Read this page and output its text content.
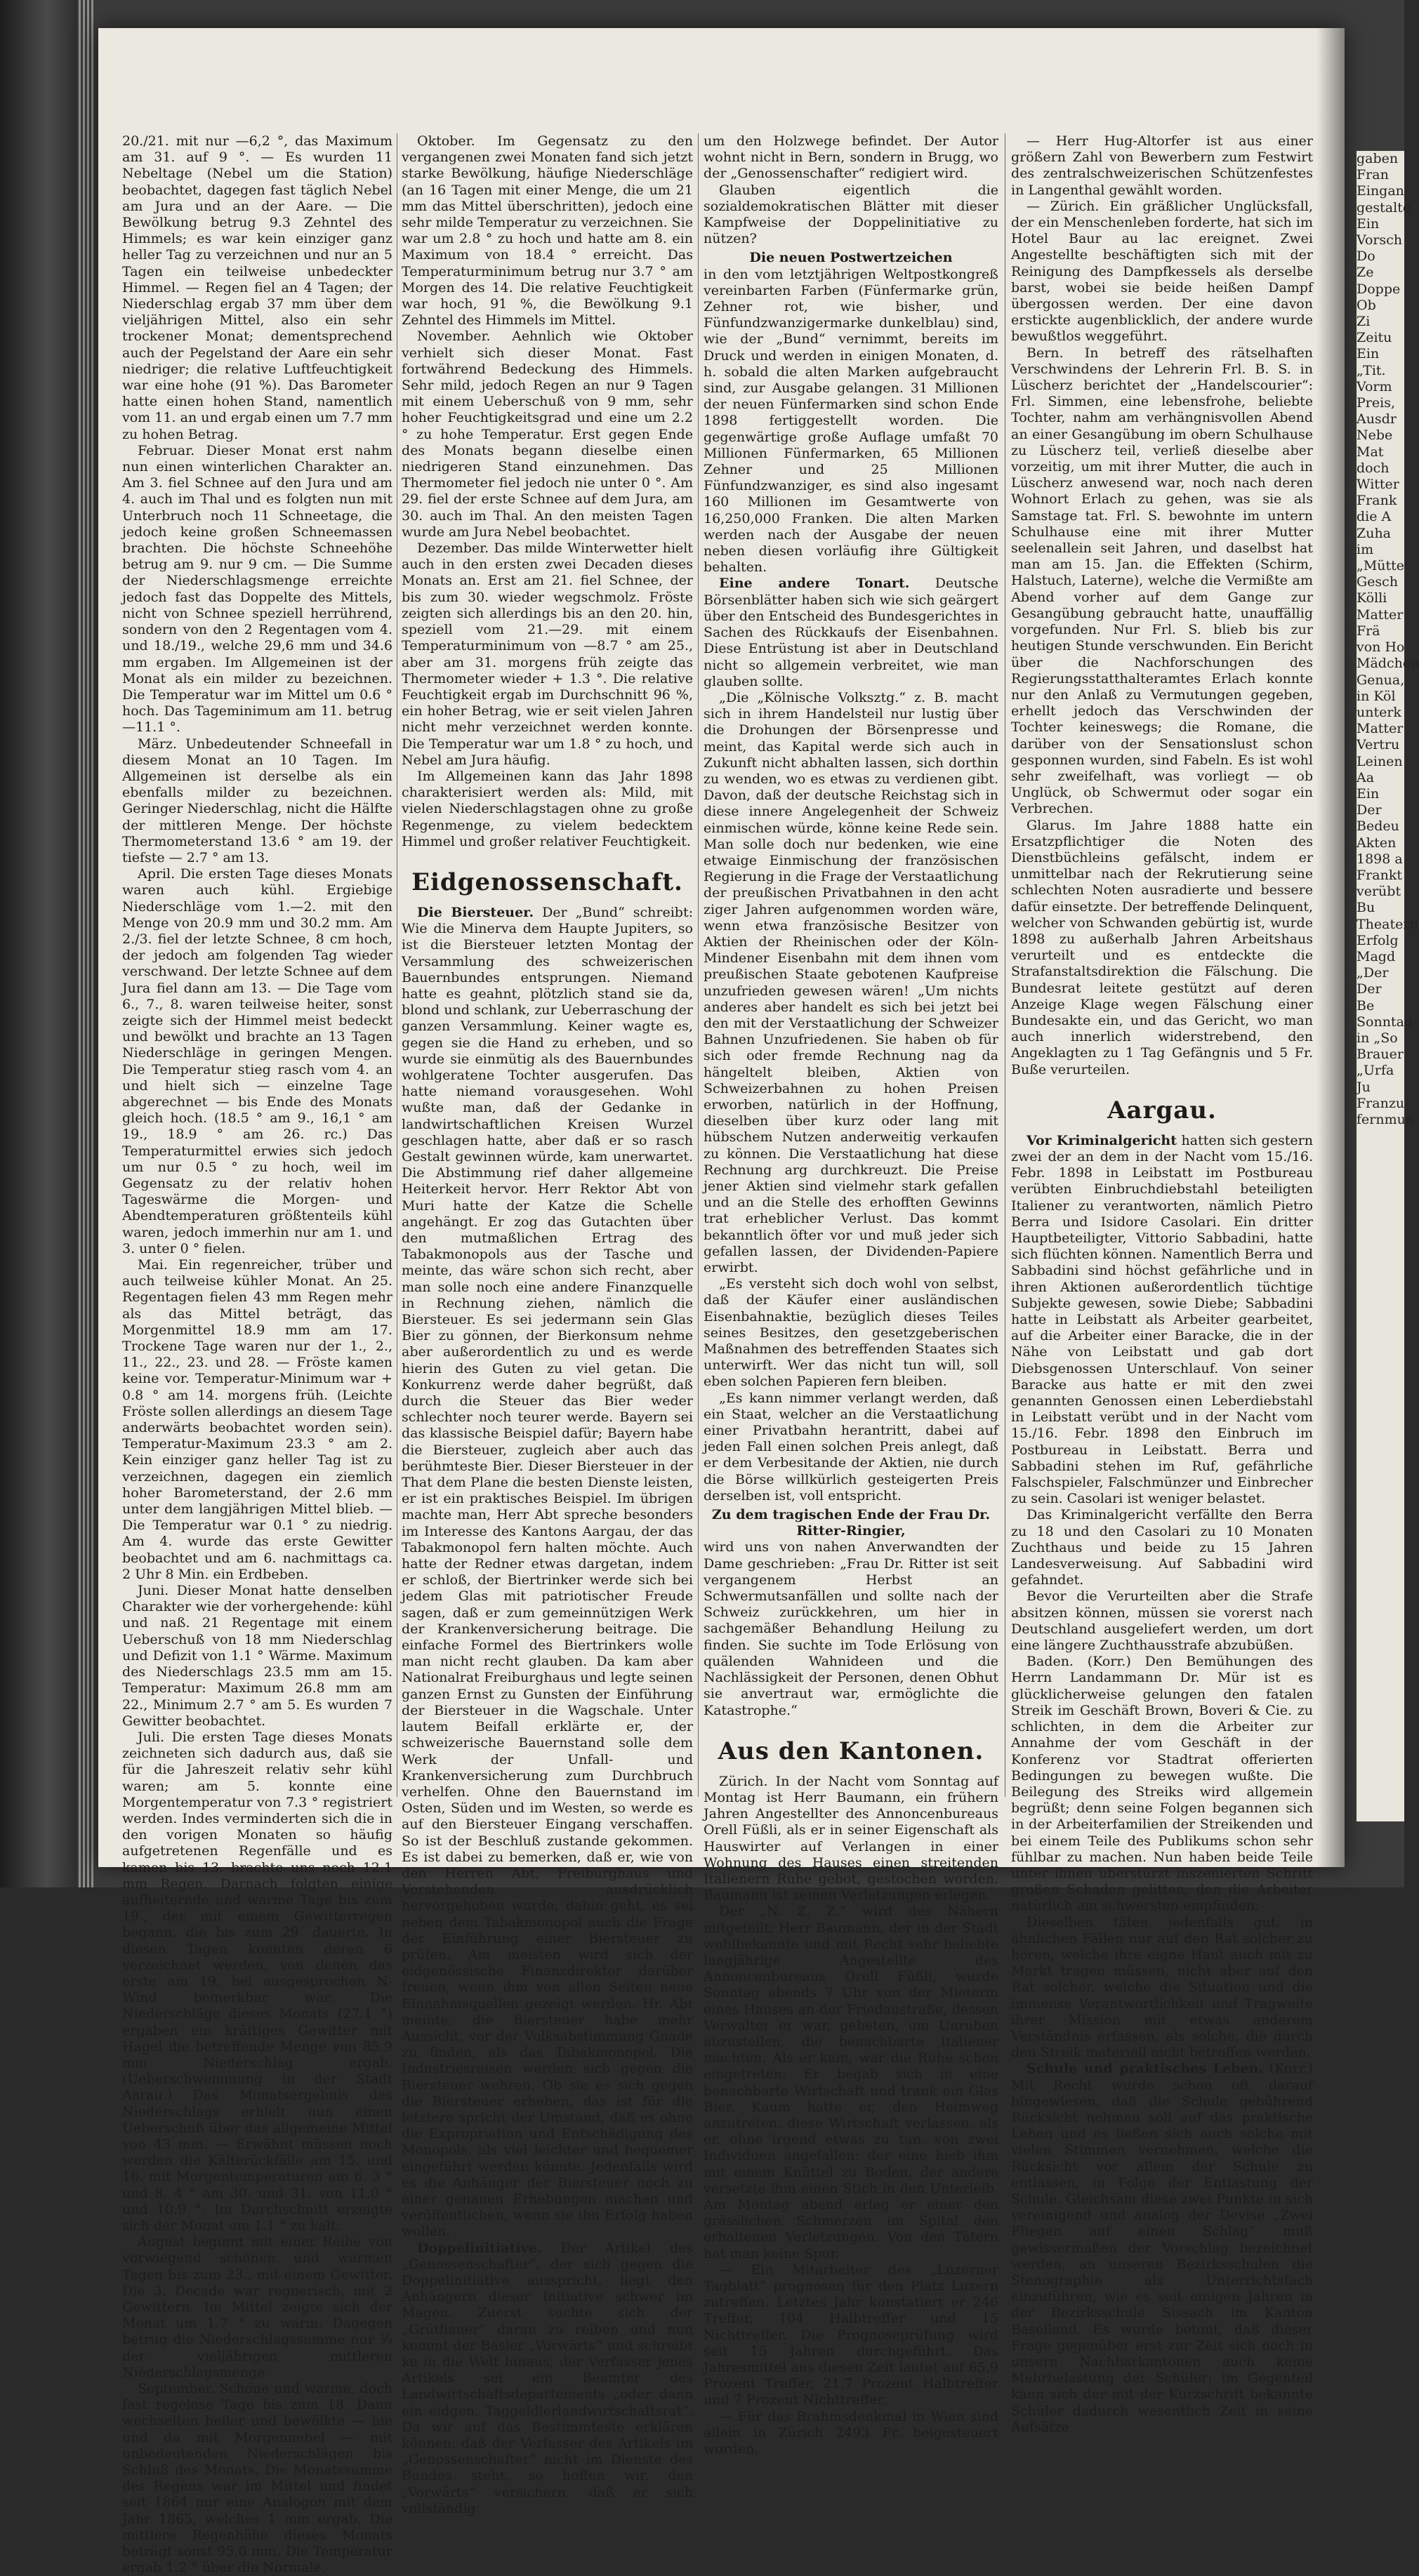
20./21. mit nur —6,2 °, das Maximum am 31. auf 9 °. — Es wurden 11 Nebeltage (Nebel um die Station) beobachtet, dagegen fast täglich Nebel am Jura und an der Aare. — Die Bewölkung betrug 9.3 Zehntel des Himmels; es war kein einziger ganz heller Tag zu verzeichnen und nur an 5 Tagen ein teilweise unbedeckter Himmel. — Regen fiel an 4 Tagen; der Niederschlag ergab 37 mm über dem vieljährigen Mittel, also ein sehr trockener Monat; dementsprechend auch der Pegelstand der Aare ein sehr niedriger; die relative Luftfeuchtigkeit war eine hohe (91 %). Das Barometer hatte einen hohen Stand, namentlich vom 11. an und ergab einen um 7.7 mm zu hohen Betrag.

Februar. Dieser Monat erst nahm nun einen winterlichen Charakter an. Am 3. fiel Schnee auf den Jura und am 4. auch im Thal und es folgten nun mit Unterbruch noch 11 Schneetage, die jedoch keine großen Schneemassen brachten. Die höchste Schneehöhe betrug am 9. nur 9 cm. — Die Summe der Niederschlagsmenge erreichte jedoch fast das Doppelte des Mittels, nicht von Schnee speziell herrührend, sondern von den 2 Regentagen vom 4. und 18./19., welche 29,6 mm und 34.6 mm ergaben. Im Allgemeinen ist der Monat als ein milder zu bezeichnen. Die Temperatur war im Mittel um 0.6 ° hoch. Das Tageminimum am 11. betrug —11.1 °.

März. Unbedeutender Schneefall in diesem Monat an 10 Tagen. Im Allgemeinen ist derselbe als ein ebenfalls milder zu bezeichnen. Geringer Niederschlag, nicht die Hälfte der mittleren Menge. Der höchste Thermometerstand 13.6 ° am 19. der tiefste — 2.7 ° am 13.

April. Die ersten Tage dieses Monats waren auch kühl. Ergiebige Niederschläge vom 1.—2. mit den Menge von 20.9 mm und 30.2 mm. Am 2./3. fiel der letzte Schnee, 8 cm hoch, der jedoch am folgenden Tag wieder verschwand. Der letzte Schnee auf dem Jura fiel dann am 13. — Die Tage vom 6., 7., 8. waren teilweise heiter, sonst zeigte sich der Himmel meist bedeckt und bewölkt und brachte an 13 Tagen Niederschläge in geringen Mengen. Die Temperatur stieg rasch vom 4. an und hielt sich — einzelne Tage abgerechnet — bis Ende des Monats gleich hoch. (18.5 ° am 9., 16,1 ° am 19., 18.9 ° am 26. rc.) Das Temperaturmittel erwies sich jedoch um nur 0.5 ° zu hoch, weil im Gegensatz zu der relativ hohen Tageswärme die Morgen- und Abendtemperaturen größtenteils kühl waren, jedoch immerhin nur am 1. und 3. unter 0 ° fielen.

Mai. Ein regenreicher, trüber und auch teilweise kühler Monat. An 25. Regentagen fielen 43 mm Regen mehr als das Mittel beträgt, das Morgenmittel 18.9 mm am 17. Trockene Tage waren nur der 1., 2., 11., 22., 23. und 28. — Fröste kamen keine vor. Temperatur-Minimum war + 0.8 ° am 14. morgens früh. (Leichte Fröste sollen allerdings an diesem Tage anderwärts beobachtet worden sein). Temperatur-Maximum 23.3 ° am 2. Kein einziger ganz heller Tag ist zu verzeichnen, dagegen ein ziemlich hoher Barometerstand, der 2.6 mm unter dem langjährigen Mittel blieb. — Die Temperatur war 0.1 ° zu niedrig. Am 4. wurde das erste Gewitter beobachtet und am 6. nachmittags ca. 2 Uhr 8 Min. ein Erdbeben.

Juni. Dieser Monat hatte denselben Charakter wie der vorhergehende: kühl und naß. 21 Regentage mit einem Ueberschuß von 18 mm Niederschlag und Defizit von 1.1 ° Wärme. Maximum des Niederschlags 23.5 mm am 15. Temperatur: Maximum 26.8 mm am 22., Minimum 2.7 ° am 5. Es wurden 7 Gewitter beobachtet.

Juli. Die ersten Tage dieses Monats zeichneten sich dadurch aus, daß sie für die Jahreszeit relativ sehr kühl waren; am 5. konnte eine Morgentemperatur von 7.3 ° registriert werden. Indes verminderten sich die in den vorigen Monaten so häufig aufgetretenen Regenfälle und es kamen bis 13. brachte uns noch 12.1 mm Regen. Darnach folgten einige aufheiternde und warme Tage bis zum 19., der mit einem Gewitterregen begann, die bis zum 29. dauerte. In diesen Tagen konnten deren 6 verzeichnet werden, von denen das erste am 19. bei ausgesprochen N-Wind bemerkbar war. Die Niederschläge dieses Monats (27.1 °) ergaben ein kräftiges Gewitter mit Hagel die betreffende Menge von 85.9 mm Niederschlag ergab. (Ueberschwemmung in der Stadt Aarau.) Das Monatsergebnis des Niederschlags erhielt nun einen Ueberschuß über das allgemeine Mittel von 43 mm. — Erwähnt müssen noch werden die Kälterückfälle am 15. und 16. mit Morgentemperaturen am 6. 3 ° und 8. 4 ° am 30. und 31. von 11.0 ° und 10.9 °. Im Durchschnitt erzeigte sich der Monat um 1.1 ° zu kalt.

August beginnt mit einer Reihe von vorwiegend schönen und warmen Tagen bis zum 23., mit einem Gewitter. Die 3. Decade war regnerisch, mit 2 Gewittern. Im Mittel zeigte sich der Monat um 1.7 ° zu warm. Dagegen betrug die Niederschlagssumme nur ⅓ der vieljährigen mittleren Niederschlagsmenge.

September. Schöne und warme, doch fast regelose Tage bis zum 18. Dann wechselten heller und bewölkte — hie und da mit Morgennebel — mit unbedeutenden Niederschlägen bis Schluß des Monats. Die Monatssumme des Regens war im Mittel und findet seit 1864 nur eine Analogon mit dem Jahr 1865, welches 1 mm ergab. Die mittlere Regenhöhe dieses Monats beträgt sonst 95.0 mm. Die Temperatur ergab 1.2 ° über die Normale.

Oktober. Im Gegensatz zu den vergangenen zwei Monaten fand sich jetzt starke Bewölkung, häufige Niederschläge (an 16 Tagen mit einer Menge, die um 21 mm das Mittel überschritten), jedoch eine sehr milde Temperatur zu verzeichnen. Sie war um 2.8 ° zu hoch und hatte am 8. ein Maximum von 18.4 ° erreicht. Das Temperaturminimum betrug nur 3.7 ° am Morgen des 14. Die relative Feuchtigkeit war hoch, 91 %, die Bewölkung 9.1 Zehntel des Himmels im Mittel.

November. Aehnlich wie Oktober verhielt sich dieser Monat. Fast fortwährend Bedeckung des Himmels. Sehr mild, jedoch Regen an nur 9 Tagen mit einem Ueberschuß von 9 mm, sehr hoher Feuchtigkeitsgrad und eine um 2.2 ° zu hohe Temperatur. Erst gegen Ende des Monats begann dieselbe einen niedrigeren Stand einzunehmen. Das Thermometer fiel jedoch nie unter 0 °. Am 29. fiel der erste Schnee auf dem Jura, am 30. auch im Thal. An den meisten Tagen wurde am Jura Nebel beobachtet.

Dezember. Das milde Winterwetter hielt auch in den ersten zwei Decaden dieses Monats an. Erst am 21. fiel Schnee, der bis zum 30. wieder wegschmolz. Fröste zeigten sich allerdings bis an den 20. hin, speziell vom 21.—29. mit einem Temperaturminimum von —8.7 ° am 25., aber am 31. morgens früh zeigte das Thermometer wieder + 1.3 °. Die relative Feuchtigkeit ergab im Durchschnitt 96 %, ein hoher Betrag, wie er seit vielen Jahren nicht mehr verzeichnet werden konnte. Die Temperatur war um 1.8 ° zu hoch, und Nebel am Jura häufig.

Im Allgemeinen kann das Jahr 1898 charakterisiert werden als: Mild, mit vielen Niederschlagstagen ohne zu große Regenmenge, zu vielem bedecktem Himmel und großer relativer Feuchtigkeit.

Eidgenossenschaft.

Die Biersteuer. Der „Bund“ schreibt: Wie die Minerva dem Haupte Jupiters, so ist die Biersteuer letzten Montag der Versammlung des schweizerischen Bauernbundes entsprungen. Niemand hatte es geahnt, plötzlich stand sie da, blond und schlank, zur Ueberraschung der ganzen Versammlung. Keiner wagte es, gegen sie die Hand zu erheben, und so wurde sie einmütig als des Bauernbundes wohlgeratene Tochter ausgerufen. Das hatte niemand vorausgesehen. Wohl wußte man, daß der Gedanke in landwirtschaftlichen Kreisen Wurzel geschlagen hatte, aber daß er so rasch Gestalt gewinnen würde, kam unerwartet. Die Abstimmung rief daher allgemeine Heiterkeit hervor. Herr Rektor Abt von Muri hatte der Katze die Schelle angehängt. Er zog das Gutachten über den mutmaßlichen Ertrag des Tabakmonopols aus der Tasche und meinte, das wäre schon sich recht, aber man solle noch eine andere Finanzquelle in Rechnung ziehen, nämlich die Biersteuer. Es sei jedermann sein Glas Bier zu gönnen, der Bierkonsum nehme aber außerordentlich zu und es werde hierin des Guten zu viel getan. Die Konkurrenz werde daher begrüßt, daß durch die Steuer das Bier weder schlechter noch teurer werde. Bayern sei das klassische Beispiel dafür; Bayern habe die Biersteuer, zugleich aber auch das berühmteste Bier. Dieser Biersteuer in der That dem Plane die besten Dienste leisten, er ist ein praktisches Beispiel. Im übrigen machte man, Herr Abt spreche besonders im Interesse des Kantons Aargau, der das Tabakmonopol fern halten möchte. Auch hatte der Redner etwas dargetan, indem er schloß, der Biertrinker werde sich bei jedem Glas mit patriotischer Freude sagen, daß er zum gemeinnützigen Werk der Krankenversicherung beitrage. Die einfache Formel des Biertrinkers wolle man nicht recht glauben. Da kam aber Nationalrat Freiburghaus und legte seinen ganzen Ernst zu Gunsten der Einführung der Biersteuer in die Wagschale. Unter lautem Beifall erklärte er, der schweizerische Bauernstand solle dem Werk der Unfall- und Krankenversicherung zum Durchbruch verhelfen. Ohne den Bauernstand im Osten, Süden und im Westen, so werde es auf den Biersteuer Eingang verschaffen. So ist der Beschluß zustande gekommen. Es ist dabei zu bemerken, daß er, wie von den Herren Abt, Freiburghaus und Vorstehenden ausdrücklich hervorgehoben wurde, dahin geht, es sei neben dem Tabakmonopol auch die Frage der Einführung einer Biersteuer zu prüfen. Am meisten wird sich der eidgenössische Finanzdirektor darüber freuen, wenn ihm von allen Seiten neue Einnahmsquellen gezeigt werden. Hr. Abt meinte, die Biersteuer habe mehr Aussicht, vor der Volksabstimmung Gnade zu finden, als das Tabakmonopol. Die Industriesreisen werden sich gegen die Biersteuer wehren. Ob sie es sich gegen die Biersteuer erheben, das ist für die letztere spricht der Umstand, daß es ohne die Expropriation und Entschädigung des Monopols, als viel leichter und bequemer eingeführt werden könnte. Jedenfalls wird es die Anhänger der Biersteuer noch zu einer genauen Erhebungen machen und veröffentlichen, wenn sie ihn Erfolg haben wollen.

Doppelinitiative. Der Artikel des „Genossenschafter“, der sich gegen die Doppelinitiative ausspricht, liegt den Anhängern dieser Initiative schwer im Magen. Zuerst suchte sich der „Grütlianer“ daran zu reiben und nun kommt der Basler „Vorwärts“ und schreibt ke in die Welt hinaus, der Verfasser jenes Artikels sei ein Beamter des Landwirtschaftsdepartements „oder dann ein eidgen. Taggeldlerlandwirtschaftsrat“. Da wir auf das Bestimmteste erklären können, daß der Verfasser des Artikels im „Genossenschafter“ nicht im Dienste des Bundes steht, so hoffen wir, den „Vorwärts“ versichern, daß er sich vollständig

um den Holzwege befindet. Der Autor wohnt nicht in Bern, sondern in Brugg, wo der „Genossenschafter“ redigiert wird.

Glauben eigentlich die sozialdemokratischen Blätter mit dieser Kampfweise der Doppelinitiative zu nützen?

Die neuen Postwertzeichen

in den vom letztjährigen Weltpostkongreß vereinbarten Farben (Fünfermarke grün, Zehner rot, wie bisher, und Fünfundzwanzigermarke dunkelblau) sind, wie der „Bund“ vernimmt, bereits im Druck und werden in einigen Monaten, d. h. sobald die alten Marken aufgebraucht sind, zur Ausgabe gelangen. 31 Millionen der neuen Fünfermarken sind schon Ende 1898 fertiggestellt worden. Die gegenwärtige große Auflage umfaßt 70 Millionen Fünfermarken, 65 Millionen Zehner und 25 Millionen Fünfundzwanziger, es sind also ingesamt 160 Millionen im Gesamtwerte von 16,250,000 Franken. Die alten Marken werden nach der Ausgabe der neuen neben diesen vorläufig ihre Gültigkeit behalten.

Eine andere Tonart. Deutsche Börsenblätter haben sich wie sich geärgert über den Entscheid des Bundesgerichtes in Sachen des Rückkaufs der Eisenbahnen. Diese Entrüstung ist aber in Deutschland nicht so allgemein verbreitet, wie man glauben sollte.

„Die „Kölnische Volksztg.“ z. B. macht sich in ihrem Handelsteil nur lustig über die Drohungen der Börsenpresse und meint, das Kapital werde sich auch in Zukunft nicht abhalten lassen, sich dorthin zu wenden, wo es etwas zu verdienen gibt. Davon, daß der deutsche Reichstag sich in diese innere Angelegenheit der Schweiz einmischen würde, könne keine Rede sein. Man solle doch nur bedenken, wie eine etwaige Einmischung der französischen Regierung in die Frage der Verstaatlichung der preußischen Privatbahnen in den acht ziger Jahren aufgenommen worden wäre, wenn etwa französische Besitzer von Aktien der Rheinischen oder der Köln-Mindener Eisenbahn mit dem ihnen vom preußischen Staate gebotenen Kaufpreise unzufrieden gewesen wären! „Um nichts anderes aber handelt es sich bei jetzt bei den mit der Verstaatlichung der Schweizer Bahnen Unzufriedenen. Sie haben ob für sich oder fremde Rechnung nag da hängeltelt bleiben, Aktien von Schweizerbahnen zu hohen Preisen erworben, natürlich in der Hoffnung, dieselben über kurz oder lang mit hübschem Nutzen anderweitig verkaufen zu können. Die Verstaatlichung hat diese Rechnung arg durchkreuzt. Die Preise jener Aktien sind vielmehr stark gefallen und an die Stelle des erhofften Gewinns trat erheblicher Verlust. Das kommt bekanntlich öfter vor und muß jeder sich gefallen lassen, der Dividenden-Papiere erwirbt.

„Es versteht sich doch wohl von selbst, daß der Käufer einer ausländischen Eisenbahnaktie, bezüglich dieses Teiles seines Besitzes, den gesetzgeberischen Maßnahmen des betreffenden Staates sich unterwirft. Wer das nicht tun will, soll eben solchen Papieren fern bleiben.

„Es kann nimmer verlangt werden, daß ein Staat, welcher an die Verstaatlichung einer Privatbahn herantritt, dabei auf jeden Fall einen solchen Preis anlegt, daß er dem Verbesitande der Aktien, nie durch die Börse willkürlich gesteigerten Preis derselben ist, voll entspricht.

Zu dem tragischen Ende der Frau Dr. Ritter-Ringier,

wird uns von nahen Anverwandten der Dame geschrieben: „Frau Dr. Ritter ist seit vergangenem Herbst an Schwermutsanfällen und sollte nach der Schweiz zurückkehren, um hier in sachgemäßer Behandlung Heilung zu finden. Sie suchte im Tode Erlösung von quälenden Wahnideen und die Nachlässigkeit der Personen, denen Obhut sie anvertraut war, ermöglichte die Katastrophe.“

Aus den Kantonen.

Zürich. In der Nacht vom Sonntag auf Montag ist Herr Baumann, ein frühern Jahren Angestellter des Annoncenbureaus Orell Füßli, als er in seiner Eigenschaft als Hauswirter auf Verlangen in einer Wohnung des Hauses einen streitenden Italienern Ruhe gebot, gestochen worden. Baumann ist seinen Verletzungen erlegen.

Der „N. Z. Z.“ wird des Nähern mitgeteilt: Herr Baumann, der in der Stadt wohlbekannte und mit Recht sehr beliebte langjährige Angestellte des Annoncenbureaus Orell Füßli, wurde Sonntag abends 7 Uhr von der Mieterin eines Hauses an der Friedaustraße, dessen Verwalter er war, gebeten, um Unruhen abzustellen, die benachbarte Italiener machten. Als er kam, war die Ruhe schon eingetreten. Er begab sich in eine benachbarte Wirtschaft und trank ein Glas Bier. Kaum hatte er, den Heimweg anzutreten, diese Wirtschaft verlassen, als er, ohne irgend etwas zu tun, von zwei Individuen angefallen; der eine hieb ihm mit einem Knüttel zu Boden, der andere versetzte ihm einen Stich in den Unterleib. Am Montag abend erlag er einer den grässlichen Schmerzen im Spital den erhaltenen Verletzungen. Von den Tätern hat man keine Spur.

— Ein Mitarbeiter des „Luzerner Tagblatt“ prognosen für den Platz Luzern zutreffen. Letztes Jahr konstatiert er 246 Treffer, 104 Halbtreffer und 15 Nichttreffer. Die Prognoseprüfung wird seit 15 Jahren durchgeführt. Das Jahresmittel aus diesen Zeit lautet auf 65,9 Prozent Treffer, 21,7 Prozent Halbtreffer und 7 Prozent Nichttreffer.

— Für das Brahmsdenkmal in Wien sind allein in Zürich 2493 Fr. beigesteuert worden.

— Herr Hug-Altorfer ist aus einer größern Zahl von Bewerbern zum Festwirt des zentralschweizerischen Schützenfestes in Langenthal gewählt worden.

— Zürich. Ein gräßlicher Unglücksfall, der ein Menschenleben forderte, hat sich im Hotel Baur au lac ereignet. Zwei Angestellte beschäftigten sich mit der Reinigung des Dampfkessels als derselbe barst, wobei sie beide heißen Dampf übergossen werden. Der eine davon erstickte augenblicklich, der andere wurde bewußtlos weggeführt.

Bern. In betreff des rätselhaften Verschwindens der Lehrerin Frl. B. S. in Lüscherz berichtet der „Handelscourier“: Frl. Simmen, eine lebensfrohe, beliebte Tochter, nahm am verhängnisvollen Abend an einer Gesangübung im obern Schulhause zu Lüscherz teil, verließ dieselbe aber vorzeitig, um mit ihrer Mutter, die auch in Lüscherz anwesend war, noch nach deren Wohnort Erlach zu gehen, was sie als Samstage tat. Frl. S. bewohnte im untern Schulhause eine mit ihrer Mutter seelenallein seit Jahren, und daselbst hat man am 15. Jan. die Effekten (Schirm, Halstuch, Laterne), welche die Vermißte am Abend vorher auf dem Gange zur Gesangübung gebraucht hatte, unauffällig vorgefunden. Nur Frl. S. blieb bis zur heutigen Stunde verschwunden. Ein Bericht über die Nachforschungen des Regierungsstatthalteramtes Erlach konnte nur den Anlaß zu Vermutungen gegeben, erhellt jedoch das Verschwinden der Tochter keineswegs; die Romane, die darüber von der Sensationslust schon gesponnen wurden, sind Fabeln. Es ist wohl sehr zweifelhaft, was vorliegt — ob Unglück, ob Schwermut oder sogar ein Verbrechen.

Glarus. Im Jahre 1888 hatte ein Ersatzpflichtiger die Noten des Dienstbüchleins gefälscht, indem er unmittelbar nach der Rekrutierung seine schlechten Noten ausradierte und bessere dafür einsetzte. Der betreffende Delinquent, welcher von Schwanden gebürtig ist, wurde 1898 zu außerhalb Jahren Arbeitshaus verurteilt und es entdeckte die Strafanstaltsdirektion die Fälschung. Die Bundesrat leitete gestützt auf deren Anzeige Klage wegen Fälschung einer Bundesakte ein, und das Gericht, wo man auch innerlich widerstrebend, den Angeklagten zu 1 Tag Gefängnis und 5 Fr. Buße verurteilen.

Aargau.

Vor Kriminalgericht hatten sich gestern zwei der an dem in der Nacht vom 15./16. Febr. 1898 in Leibstatt im Postbureau verübten Einbruchdiebstahl beteiligten Italiener zu verantworten, nämlich Pietro Berra und Isidore Casolari. Ein dritter Hauptbeteiligter, Vittorio Sabbadini, hatte sich flüchten können. Namentlich Berra und Sabbadini sind höchst gefährliche und in ihren Aktionen außerordentlich tüchtige Subjekte gewesen, sowie Diebe; Sabbadini hatte in Leibstatt als Arbeiter gearbeitet, auf die Arbeiter einer Baracke, die in der Nähe von Leibstatt und gab dort Diebsgenossen Unterschlauf. Von seiner Baracke aus hatte er mit den zwei genannten Genossen einen Leberdiebstahl in Leibstatt verübt und in der Nacht vom 15./16. Febr. 1898 den Einbruch im Postbureau in Leibstatt. Berra und Sabbadini stehen im Ruf, gefährliche Falschspieler, Falschmünzer und Einbrecher zu sein. Casolari ist weniger belastet.

Das Kriminalgericht verfällte den Berra zu 18 und den Casolari zu 10 Monaten Zuchthaus und beide zu 15 Jahren Landesverweisung. Auf Sabbadini wird gefahndet.

Bevor die Verurteilten aber die Strafe absitzen können, müssen sie vorerst nach Deutschland ausgeliefert werden, um dort eine längere Zuchthausstrafe abzubüßen.

Baden. (Korr.) Den Bemühungen des Herrn Landammann Dr. Mür ist es glücklicherweise gelungen den fatalen Streik im Geschäft Brown, Boveri & Cie. zu schlichten, in dem die Arbeiter zur Annahme der vom Geschäft in der Konferenz vor Stadtrat offerierten Bedingungen zu bewegen wußte. Die Beilegung des Streiks wird allgemein begrüßt; denn seine Folgen begannen sich in der Arbeiterfamilien der Streikenden und bei einem Teile des Publikums schon sehr fühlbar zu machen. Nun haben beide Teile unter ihnen überstürzt inszenierten Schritt großen Schaden gelitten, den die Arbeiter natürlich am schwersten empfinden.

Dieselben täten jedenfalls gut, in ähnlichen Fällen nur auf den Rat solcher zu hören, welche ihre eigne Haut auch mit zu Markt tragen müssen, nicht aber auf den Rat solcher, welche die Situation und die immense Verantwortlichkeit und Tragweite ihrer Mission mit etwas anderem Verständnis erfassen, als solche, die durch den Streik materiell nicht betroffen werden.

Schule und praktisches Leben. (Korr.) Mit Recht wurde schon oft darauf hingewiesen, daß die Schule gebührend Rücksicht nehmen soll auf das praktische Leben und es ließen sich auch solche mit vielen Stimmen vernehmen, welche die Rücksicht vor allem der Schule zu entlassen, in Folge der Entlastung der Schule. Gleichsam diese zwei Punkte in sich vereinigend und analog der Devise „Zwei Fliegen auf einen Schlag“ muß gewissermaßen der Vorschlag bezeichnet werden, an unseren Bezirksschulen die Stenographie als Unterrichtsfach einzuführen, wie es seit einigen Jahren in der Bezirksschule Sissach im Kanton Baselland. Es wurde betont, daß dieser Frage gegenüber erst zur Zeit sich noch in unsern Nachbarkantonen auch keine Mehrbelastung der Schüler; im Gegenteil kann sich der mit der Kurzschrift bekannte Schüler dadurch wesentlich Zeit in seine Aufsätze

gaben
Fran
Eingan
gestalte
Ein
Vorsch
Do
Ze
Doppe
Ob
Zi
Zeitu
Ein
„Tit.
Vorm
Preis,
Ausdr
Nebe
Mat
doch
Witter
Frank
die A
Zuha
im
„Mütte
Gesch
Kölli
Matter
Frä
von Ho
Mädchen
Genua,
in Köl
unterk
Matter
Vertru
Leinen
Aa
Ein
Der
Bedeu
Akten
1898 a
Frankt
verübt
Bu
Theaterh
Erfolg
Magd
„Der
Der
Be
Sonntag
in „So
Brauer
„Urfa
Ju
Franzu
fernmun
